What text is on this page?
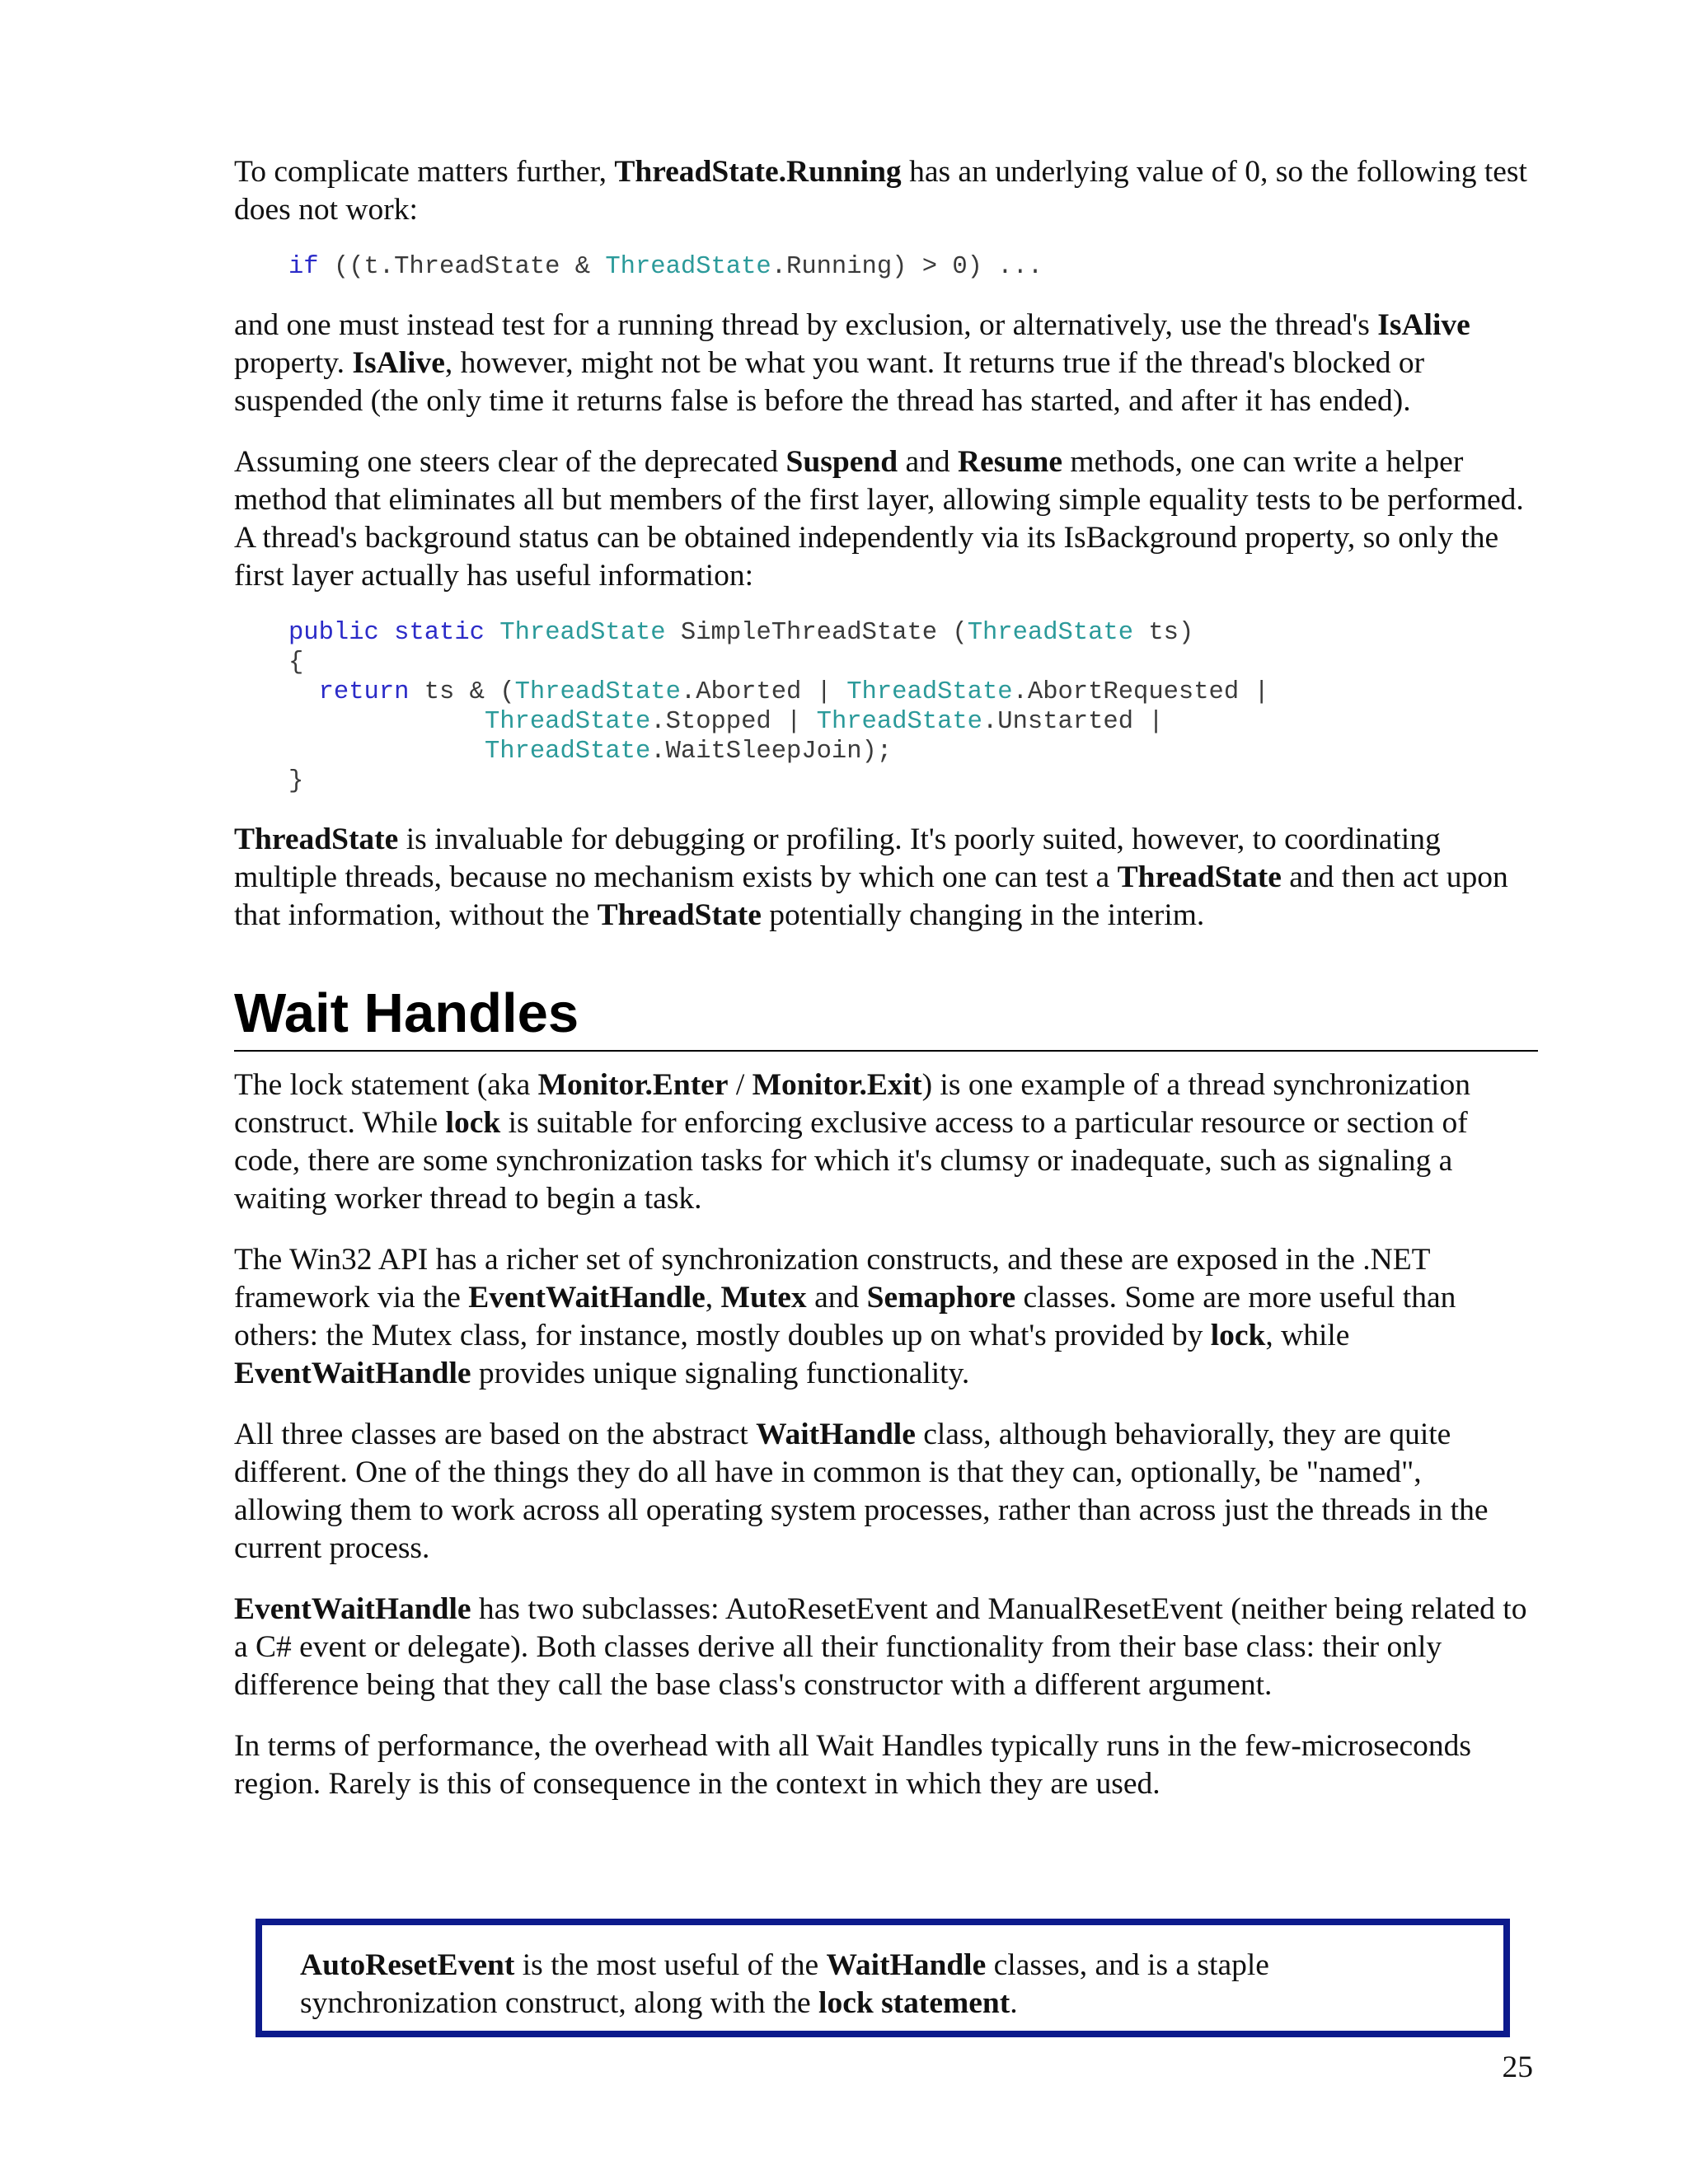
To complicate matters further, ThreadState.Running has an underlying value of 0, so the following test does not work:

if ((t.ThreadState & ThreadState.Running) > 0) ...

and one must instead test for a running thread by exclusion, or alternatively, use the thread's IsAlive property. IsAlive, however, might not be what you want. It returns true if the thread's blocked or suspended (the only time it returns false is before the thread has started, and after it has ended).

Assuming one steers clear of the deprecated Suspend and Resume methods, one can write a helper method that eliminates all but members of the first layer, allowing simple equality tests to be performed. A thread's background status can be obtained independently via its IsBackground property, so only the first layer actually has useful information:

public static ThreadState SimpleThreadState (ThreadState ts)
{
return ts & (ThreadState.Aborted | ThreadState.AbortRequested |
ThreadState.Stopped | ThreadState.Unstarted |
ThreadState.WaitSleepJoin);
}

ThreadState is invaluable for debugging or profiling. It's poorly suited, however, to coordinating multiple threads, because no mechanism exists by which one can test a ThreadState and then act upon that information, without the ThreadState potentially changing in the interim.

Wait Handles

The lock statement (aka Monitor.Enter / Monitor.Exit) is one example of a thread synchronization construct. While lock is suitable for enforcing exclusive access to a particular resource or section of code, there are some synchronization tasks for which it's clumsy or inadequate, such as signaling a waiting worker thread to begin a task.

The Win32 API has a richer set of synchronization constructs, and these are exposed in the .NET framework via the EventWaitHandle, Mutex and Semaphore classes. Some are more useful than others: the Mutex class, for instance, mostly doubles up on what's provided by lock, while EventWaitHandle provides unique signaling functionality.

All three classes are based on the abstract WaitHandle class, although behaviorally, they are quite different. One of the things they do all have in common is that they can, optionally, be "named", allowing them to work across all operating system processes, rather than across just the threads in the current process.

EventWaitHandle has two subclasses: AutoResetEvent and ManualResetEvent (neither being related to a C# event or delegate). Both classes derive all their functionality from their base class: their only difference being that they call the base class's constructor with a different argument.

In terms of performance, the overhead with all Wait Handles typically runs in the few-microseconds region. Rarely is this of consequence in the context in which they are used.

AutoResetEvent is the most useful of the WaitHandle classes, and is a staple synchronization construct, along with the lock statement.
25
